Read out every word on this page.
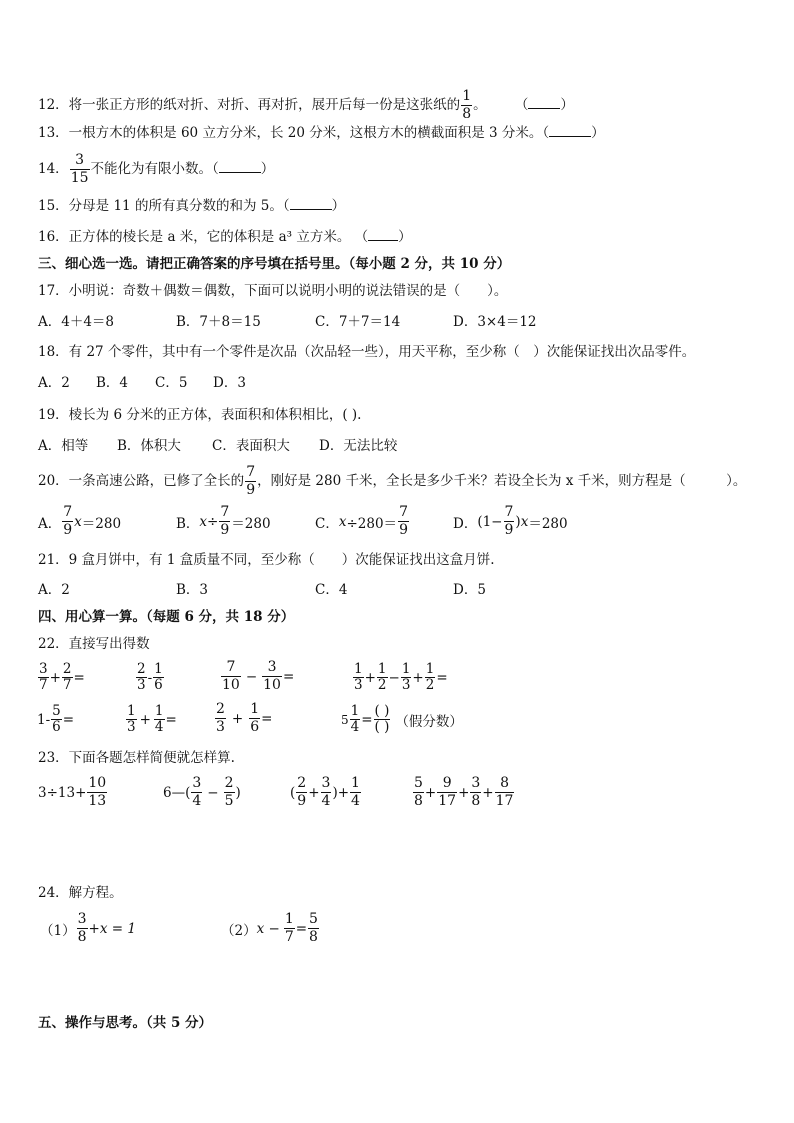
12．将一张正方形的纸对折、对折、再对折，展开后每一份是这张纸的 $\frac{1}{8}$ 。 （ ）
13．一根方木的体积是 60 立方分米，长 20 分米，这根方木的横截面积是 3 分米。（	）
14． $\frac{3}{15}$ 不能化为有限小数。（	）
15．分母是 11 的所有真分数的和为 5。（	）
16．正方体的棱长是 a 米，它的体积是 a³ 立方米。 （ ）
三、细心选一选。请把正确答案的序号填在括号里。（每小题 2 分，共 10 分）
17．小明说：奇数＋偶数＝偶数，下面可以说明小明的说法错误的是（　　）。
A．4＋4＝8	B．7＋8＝15	C．7＋7＝14	D．3×4＝12
18．有 27 个零件，其中有一个零件是次品（次品轻一些），用天平称，至少称（　）次能保证找出次品零件。
A．2 B．4 C．5 D．3
19．棱长为 6 分米的正方体，表面积和体积相比，( ).
A．相等 B．体积大 C．表面积大 D．无法比较
20．一条高速公路，已修了全长的 $\frac{7}{9}$ ，刚好是 280 千米，全长是多少千米？若设全长为 x 千米，则方程是（　　　）。
A． $\frac{7}{9}$ x ＝280	B． $x \div \frac{7}{9} =280$	C． $x \div 280= \frac{7}{9}$	D． ($1- \frac{7}{9}$ ) x ＝280
21．9 盒月饼中，有 1 盒质量不同，至少称（　　）次能保证找出这盒月饼.
A．2	B．3	C．4	D．5
四、用心算一算。（每题 6 分，共 18 分）
22．直接写出得数
$\frac{3}{7} + \frac{2}{7}$ =	$\frac{2}{3} - \frac{1}{6}$	$\frac{7}{10} - \frac{3}{10}$ =	$\frac{1}{3} + \frac{1}{2} - \frac{1}{3} + \frac{1}{2}$ =
$1- \frac{5}{6}$ =	$\frac{1}{3} + \frac{1}{4}$ =	$\frac{2}{3} + \frac{1}{6}$ =	$5 \frac{1}{4} = \frac{( )}{( )}$ （假分数）
23．下面各题怎样简便就怎样算.
$3\div 13+ \frac{10}{13}$	6—( $\frac{3}{4} - \frac{2}{5}$ )	( $\frac{2}{9} + \frac{3}{4}$ )+ $\frac{1}{4}$	$\frac{5}{8} + \frac{9}{17} + \frac{3}{8} + \frac{8}{17}$
24．解方程。
$(1) \frac{3}{8} +x = 1$	（2） $x - \frac{1}{7} = \frac{5}{8}$
五、操作与思考。（共 5 分）
